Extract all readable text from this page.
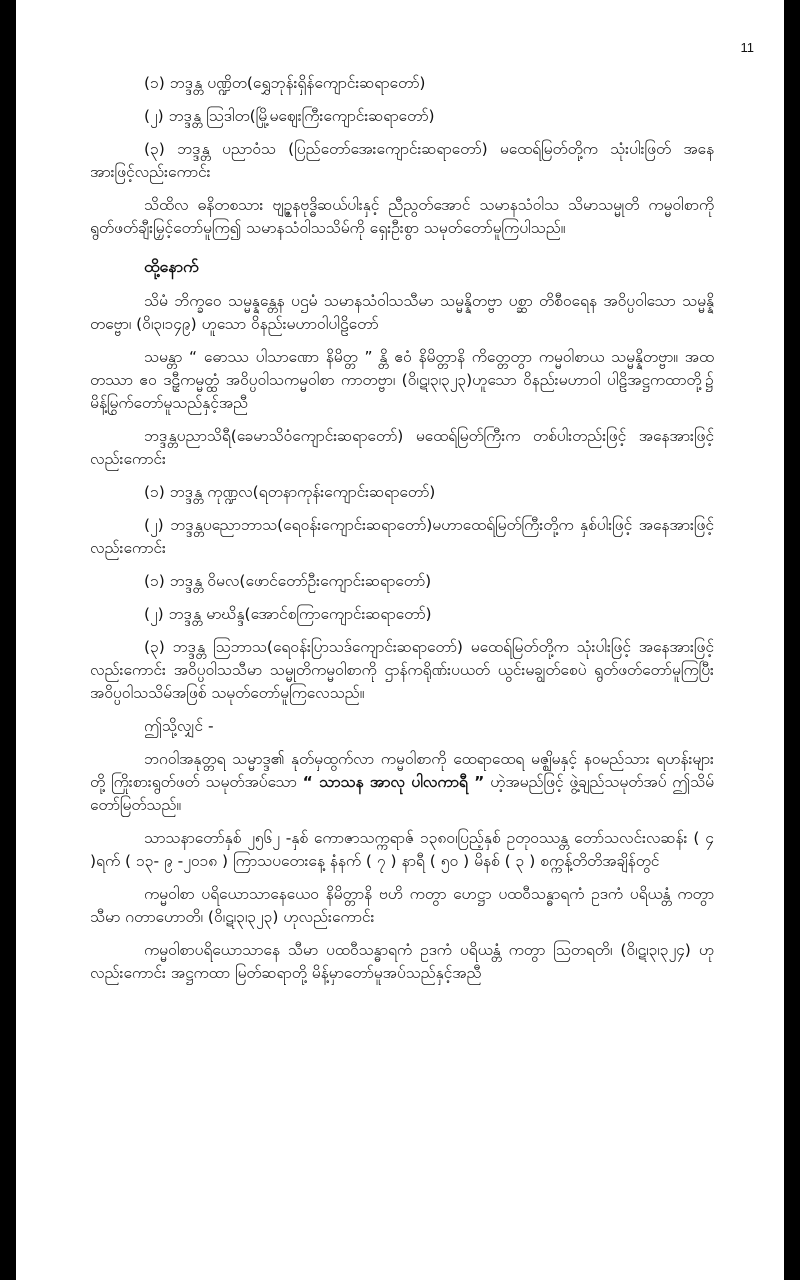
11

(၁) ဘဒ္ဒန္တ ပဏ္ဍိတ(ရွှေဘုန်းရှိန်ကျောင်းဆရာတော်)

(၂) ဘဒ္ဒန္တ သြဒါတ(မြို့မဈေးကြီးကျောင်းဆရာတော်)

(၃) ဘဒ္ဒန္တ ပညာဝံသ (ပြည်တော်အေးကျောင်းဆရာတော်) မထေရ်မြတ်တို့က သုံးပါးဖြတ် အနေအားဖြင့်လည်းကောင်း

သိထိလ ဓနိတစသား ဗျဉ္ဇနဗုဒ္ဓိဆယ်ပါးနှင့် ညီညွတ်အောင် သမာနသံဝါသ သိမာသမ္မုတိ ကမ္မဝါစာကို ရွတ်ဖတ်ချီးမြှင့်တော်မူကြ၍ သမာနသံဝါသသိမ်ကို ရှေးဦးစွာ သမုတ်တော်မူကြပါသည်။

ထို့နောက်

သိမံ ဘိက္ခဝေ သမ္မန္နန္တေန ပဌမံ သမာနသံဝါသသီမာ သမ္မန္နိတဗ္ဗာ ပစ္ဆာ တိစီဝရေန အဝိပ္ပဝါသော သမ္မန္နိတဗ္ဗော၊ (ဝိ၊၃၊၁၄၉) ဟူသော ဝိနည်းမဟာဝါပါဠိတော်

သမန္တာ “ ဓောဿ ပါသာဏော နိမိတ္တ ” န္တိ ဧဝံ နိမိတ္တာနိ ကိတ္တေတွာ ကမ္မဝါစာယ သမ္မန္နိတဗ္ဗာ။ အထ တဿာ ဧဝ ဒဠှီကမ္မတ္ထံ အဝိပ္ပဝါသကမ္မဝါစာ ကာတဗ္ဗာ၊ (ဝိ၊ဋ၊၃၊၃၂၃)ဟူသော ဝိနည်းမဟာဝါ ပါဠိအဋ္ဌကထာတို့၌ မိန့်မြွက်တော်မူသည်နှင့်အညီ

ဘဒ္ဒန္တပညာသိရီ(ခေမာသိဝံကျောင်းဆရာတော်) မထေရ်မြတ်ကြီးက တစ်ပါးတည်းဖြင့် အနေအားဖြင့် လည်းကောင်း

(၁) ဘဒ္ဒန္တ ကုဏ္ဍလ(ရတနာကုန်းကျောင်းဆရာတော်)

(၂) ဘဒ္ဒန္တပညောဘာသ(ရေဝန်းကျောင်းဆရာတော်)မဟာထေရ်မြတ်ကြီးတို့က နှစ်ပါးဖြင့် အနေအားဖြင့်လည်းကောင်း

(၁) ဘဒ္ဒန္တ ဝိမလ(ဖောင်တော်ဦးကျောင်းဆရာတော်)

(၂) ဘဒ္ဒန္တ မာဃိန္ဒ(အောင်စကြာကျောင်းဆရာတော်)

(၃) ဘဒ္ဒန္တ သြဘာသ(ရေဝန်းပြာသဒ်ကျောင်းဆရာတော်) မထေရ်မြတ်တို့က သုံးပါးဖြင့် အနေအားဖြင့်လည်းကောင်း အဝိပ္ပဝါသသီမာ သမ္မုတိကမ္မဝါစာကို ဌာန်ကရိုဏ်းပယတ် ယွင်းမချွတ်စေပဲ ရွတ်ဖတ်တော်မူကြပြီး အဝိပ္ပဝါသသိမ်အဖြစ် သမုတ်တော်မူကြလေသည်။

ဤသို့လျှင် -

ဘဂဝါအနုတ္တရ သမ္မာဒ္ဒ၏ နုတ်မှထွက်လာ ကမ္မဝါစာကို ထေရာထေရ မဇ္ဈိမနှင့် နဝမည်သား ရဟန်းများတို့ ကြိုးစားရွတ်ဖတ် သမုတ်အပ်သော “ သာသန အာလု ပါလကာရီ ” ဟဲ့အမည်ဖြင့် ဖွဲ့ချည်သမုတ်အပ် ဤသိမ်တော်မြတ်သည်။

သာသနာတော်နှစ် ၂၅၆၂ -နှစ် ကောဇာသက္ကရာဇ် ၁၃၈၀၊ပြည့်နှစ် ဥတုဝဿန္တ တော်သလင်းလဆန်း ( ၄ )ရက် ( ၁၃- ၉ -၂၀၁၈ ) ကြာသပတေးနေ့ နံနက် ( ၇ ) နာရီ ( ၅၀ ) မိနစ် ( ၃ ) စက္ကန့်တိတိအချိန်တွင်

ကမ္မဝါစာ ပရိယောသာနေယေဝ နိမိတ္တာနိ ဗဟိ ကတွာ ဟေဋ္ဌာ ပထဝီသန္ဓာရကံ ဥဒကံ ပရိယန္တံ ကတွာ သီမာ ဂတာဟောတိ၊ (ဝိ၊ဋ၊၃၊၃၂၃) ဟုလည်းကောင်း

ကမ္မဝါစာပရိယောသာနေ သီမာ ပထဝီသန္ဓာရကံ ဥဒကံ ပရိယန္တံ ကတွာ သြတရတိ၊ (ဝိ၊ဋ၊၃၊၃၂၄) ဟုလည်းကောင်း အဋ္ဌကထာ မြတ်ဆရာတို့ မိန့်မှာတော်မူအပ်သည်နှင့်အညီ
